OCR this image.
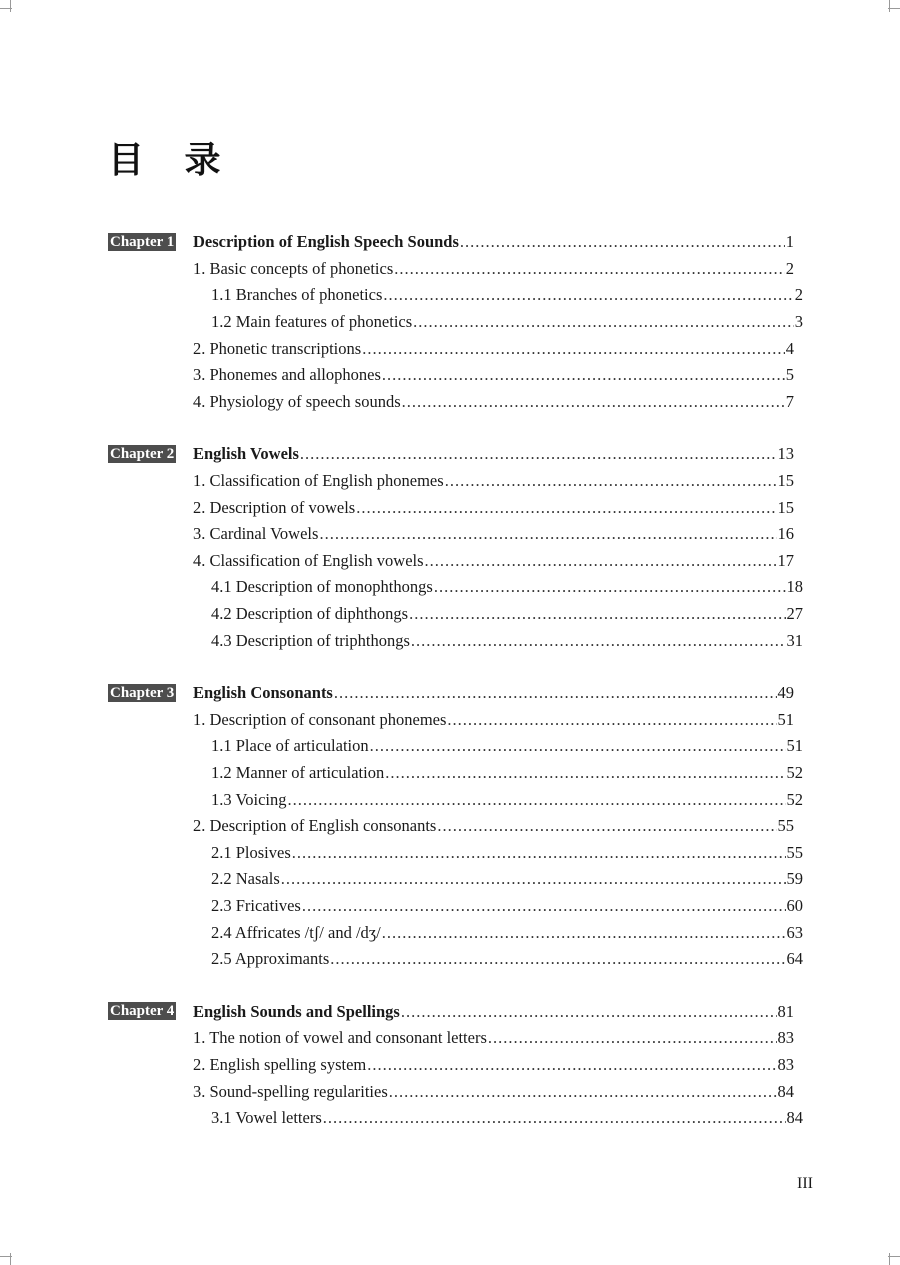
目 录
Chapter 1 Description of English Speech Sounds .....	1
1. Basic concepts of phonetics .....	2
1.1 Branches of phonetics .....	2
1.2 Main features of phonetics .....	3
2. Phonetic transcriptions .....	4
3. Phonemes and allophones .....	5
4. Physiology of speech sounds .....	7
Chapter 2 English Vowels .....	13
1. Classification of English phonemes .....	15
2. Description of vowels .....	15
3. Cardinal Vowels .....	16
4. Classification of English vowels .....	17
4.1 Description of monophthongs .....	18
4.2 Description of diphthongs .....	27
4.3 Description of triphthongs .....	31
Chapter 3 English Consonants .....	49
1. Description of consonant phonemes .....	51
1.1 Place of articulation .....	51
1.2 Manner of articulation .....	52
1.3 Voicing .....	52
2. Description of English consonants .....	55
2.1 Plosives .....	55
2.2 Nasals .....	59
2.3 Fricatives .....	60
2.4 Affricates /tʃ/ and /dʒ/ .....	63
2.5 Approximants .....	64
Chapter 4 English Sounds and Spellings .....	81
1. The notion of vowel and consonant letters .....	83
2. English spelling system .....	83
3. Sound-spelling regularities .....	84
3.1 Vowel letters .....	84
III
